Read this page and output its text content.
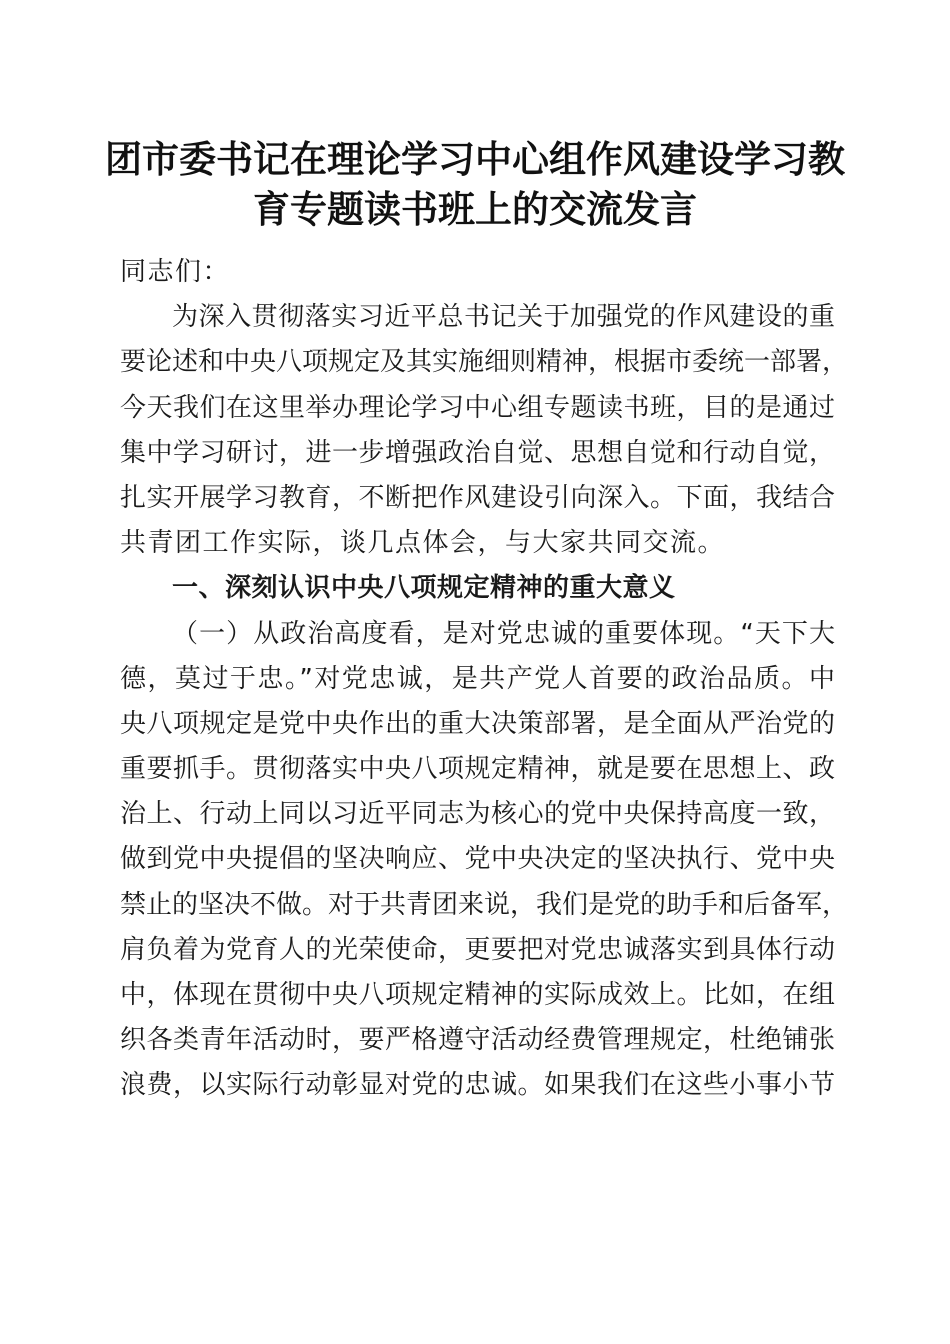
团市委书记在理论学习中心组作风建设学习教
育专题读书班上的交流发言
同志们：
为深入贯彻落实习近平总书记关于加强党的作风建设的重
要论述和中央八项规定及其实施细则精神，根据市委统一部署，
今天我们在这里举办理论学习中心组专题读书班，目的是通过
集中学习研讨，进一步增强政治自觉、思想自觉和行动自觉，
扎实开展学习教育，不断把作风建设引向深入。下面，我结合
共青团工作实际，谈几点体会，与大家共同交流。
一、深刻认识中央八项规定精神的重大意义
（一）从政治高度看，是对党忠诚的重要体现。“天下大
德，莫过于忠。”对党忠诚，是共产党人首要的政治品质。中
央八项规定是党中央作出的重大决策部署，是全面从严治党的
重要抓手。贯彻落实中央八项规定精神，就是要在思想上、政
治上、行动上同以习近平同志为核心的党中央保持高度一致，
做到党中央提倡的坚决响应、党中央决定的坚决执行、党中央
禁止的坚决不做。对于共青团来说，我们是党的助手和后备军，
肩负着为党育人的光荣使命，更要把对党忠诚落实到具体行动
中，体现在贯彻中央八项规定精神的实际成效上。比如，在组
织各类青年活动时，要严格遵守活动经费管理规定，杜绝铺张
浪费，以实际行动彰显对党的忠诚。如果我们在这些小事小节
